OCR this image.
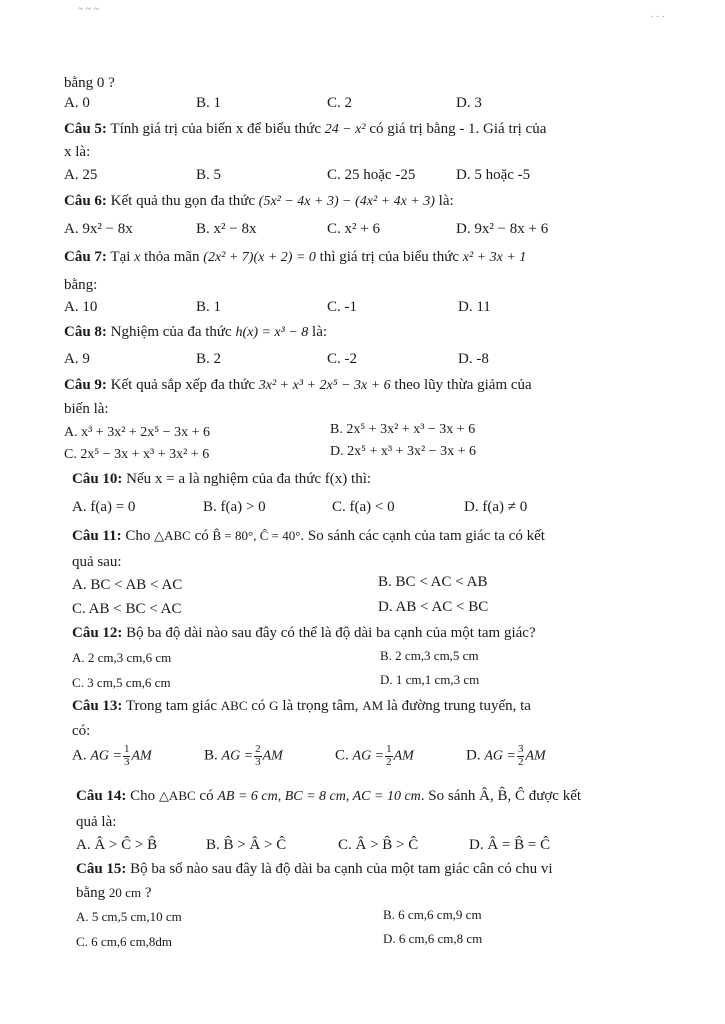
~ ~ ~
· · ·
bằng 0 ?
A. 0	B. 1	C. 2	D. 3
Câu 5: Tính giá trị của biến x để biểu thức 24 − x² có giá trị bằng - 1. Giá trị của
x là:
A. 25	B. 5	C. 25 hoặc -25	D. 5 hoặc -5
Câu 6: Kết quả thu gọn đa thức (5x² − 4x + 3) − (4x² + 4x + 3) là:
A. 9x² − 8x	B. x² − 8x	C. x² + 6	D. 9x² − 8x + 6
Câu 7: Tại x thỏa mãn (2x² + 7)(x + 2) = 0 thì giá trị của biểu thức x² + 3x + 1
bằng:
A. 10	B. 1	C. -1	D. 11
Câu 8: Nghiệm của đa thức h(x) = x³ − 8 là:
A. 9	B. 2	C. -2	D. -8
Câu 9: Kết quả sắp xếp đa thức 3x² + x³ + 2x⁵ − 3x + 6 theo lũy thừa giảm của
biến là:
A. x³ + 3x² + 2x⁵ − 3x + 6	B. 2x⁵ + 3x² + x³ − 3x + 6
C. 2x⁵ − 3x + x³ + 3x² + 6	D. 2x⁵ + x³ + 3x² − 3x + 6
Câu 10: Nếu x = a là nghiệm của đa thức f(x) thì:
A. f(a) = 0	B. f(a) > 0	C. f(a) < 0	D. f(a) ≠ 0
Câu 11: Cho △ABC có B̂ = 80°, Ĉ = 40°. So sánh các cạnh của tam giác ta có kết
quả sau:
A. BC < AB < AC	B. BC < AC < AB
C. AB < BC < AC	D. AB < AC < BC
Câu 12: Bộ ba độ dài nào sau đây có thể là độ dài ba cạnh của một tam giác?
A. 2 cm,3 cm,6 cm	B. 2 cm,3 cm,5 cm
C. 3 cm,5 cm,6 cm	D. 1 cm,1 cm,3 cm
Câu 13: Trong tam giác ABC có G là trọng tâm, AM là đường trung tuyến, ta
có:
A. AG = $\frac{1}{3}$ AM	B. AG = $\frac{2}{3}$ AM	C. AG = $\frac{1}{2}$ AM	D. AG = $\frac{3}{2}$ AM
Câu 14: Cho △ABC có AB = 6 cm, BC = 8 cm, AC = 10 cm. So sánh Â, B̂, Ĉ được kết
quả là:
A. Â > Ĉ > B̂	B. B̂ > Â > Ĉ	C. Â > B̂ > Ĉ	D. Â = B̂ = Ĉ
Câu 15: Bộ ba số nào sau đây là độ dài ba cạnh của một tam giác cân có chu vi
bằng 20 cm ?
A. 5 cm,5 cm,10 cm	B. 6 cm,6 cm,9 cm
C. 6 cm,6 cm,8dm	D. 6 cm,6 cm,8 cm
